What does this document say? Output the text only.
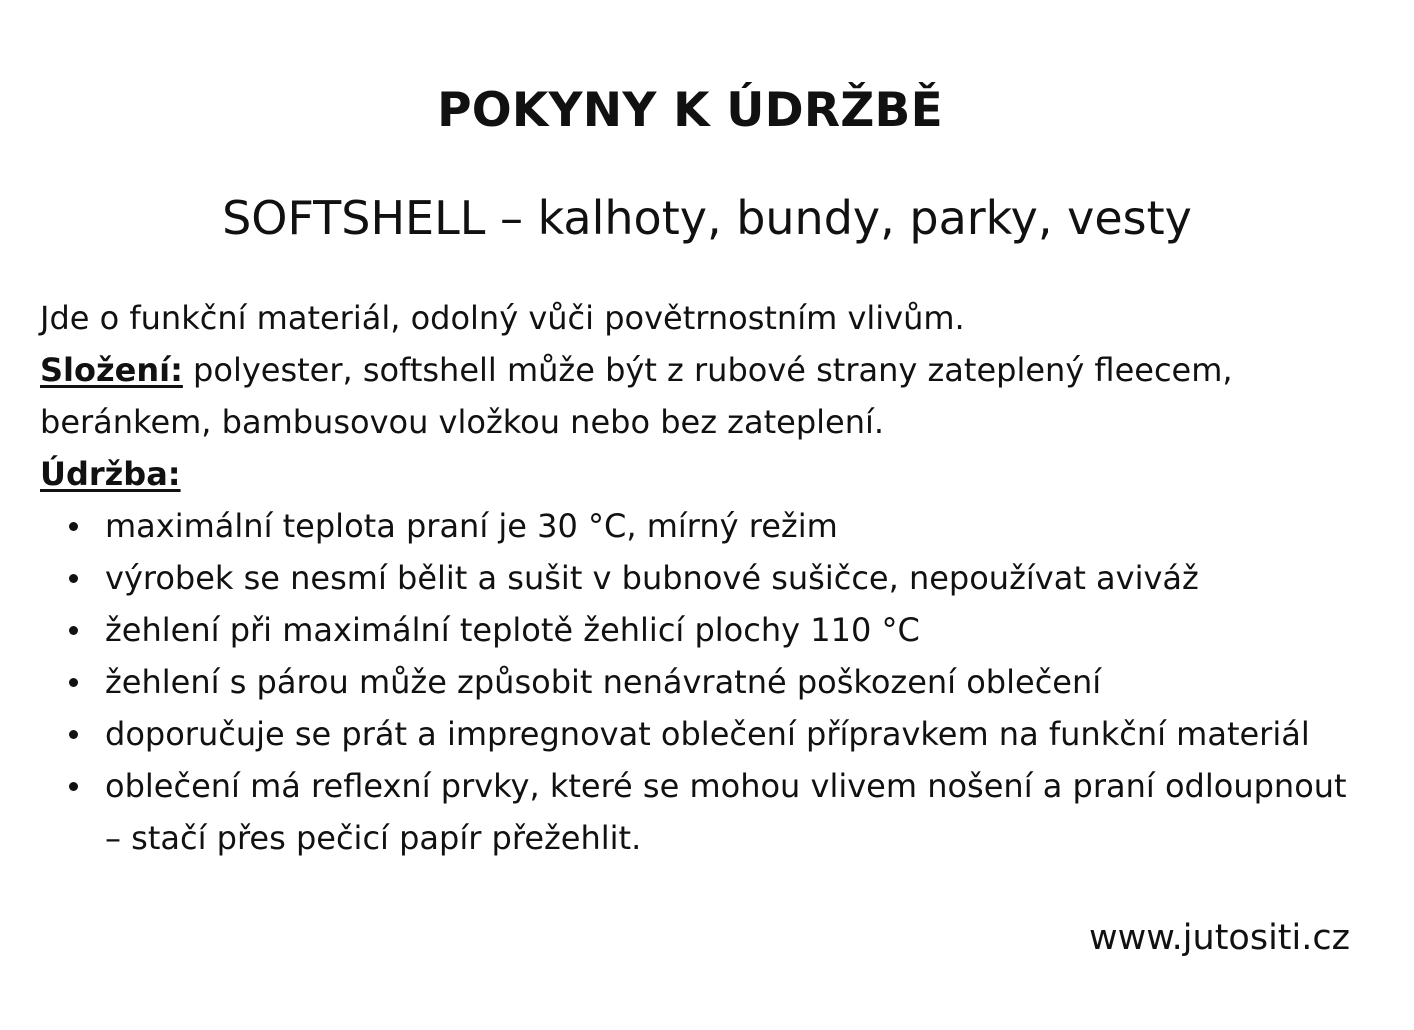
POKYNY K ÚDRŽBĚ
SOFTSHELL – kalhoty, bundy, parky, vesty

Jde o funkční materiál, odolný vůči povětrnostním vlivům.

Složení: polyester, softshell může být z rubové strany zateplený fleecem, beránkem, bambusovou vložkou nebo bez zateplení.

Údržba:

maximální teplota praní je 30 °C, mírný režim
výrobek se nesmí bělit a sušit v bubnové sušičce, nepoužívat aviváž
žehlení při maximální teplotě žehlicí plochy 110 °C
žehlení s párou může způsobit nenávratné poškození oblečení
doporučuje se prát a impregnovat oblečení přípravkem na funkční materiál
oblečení má reflexní prvky, které se mohou vlivem nošení a praní odloupnout – stačí přes pečicí papír přežehlit.
www.jutositi.cz
